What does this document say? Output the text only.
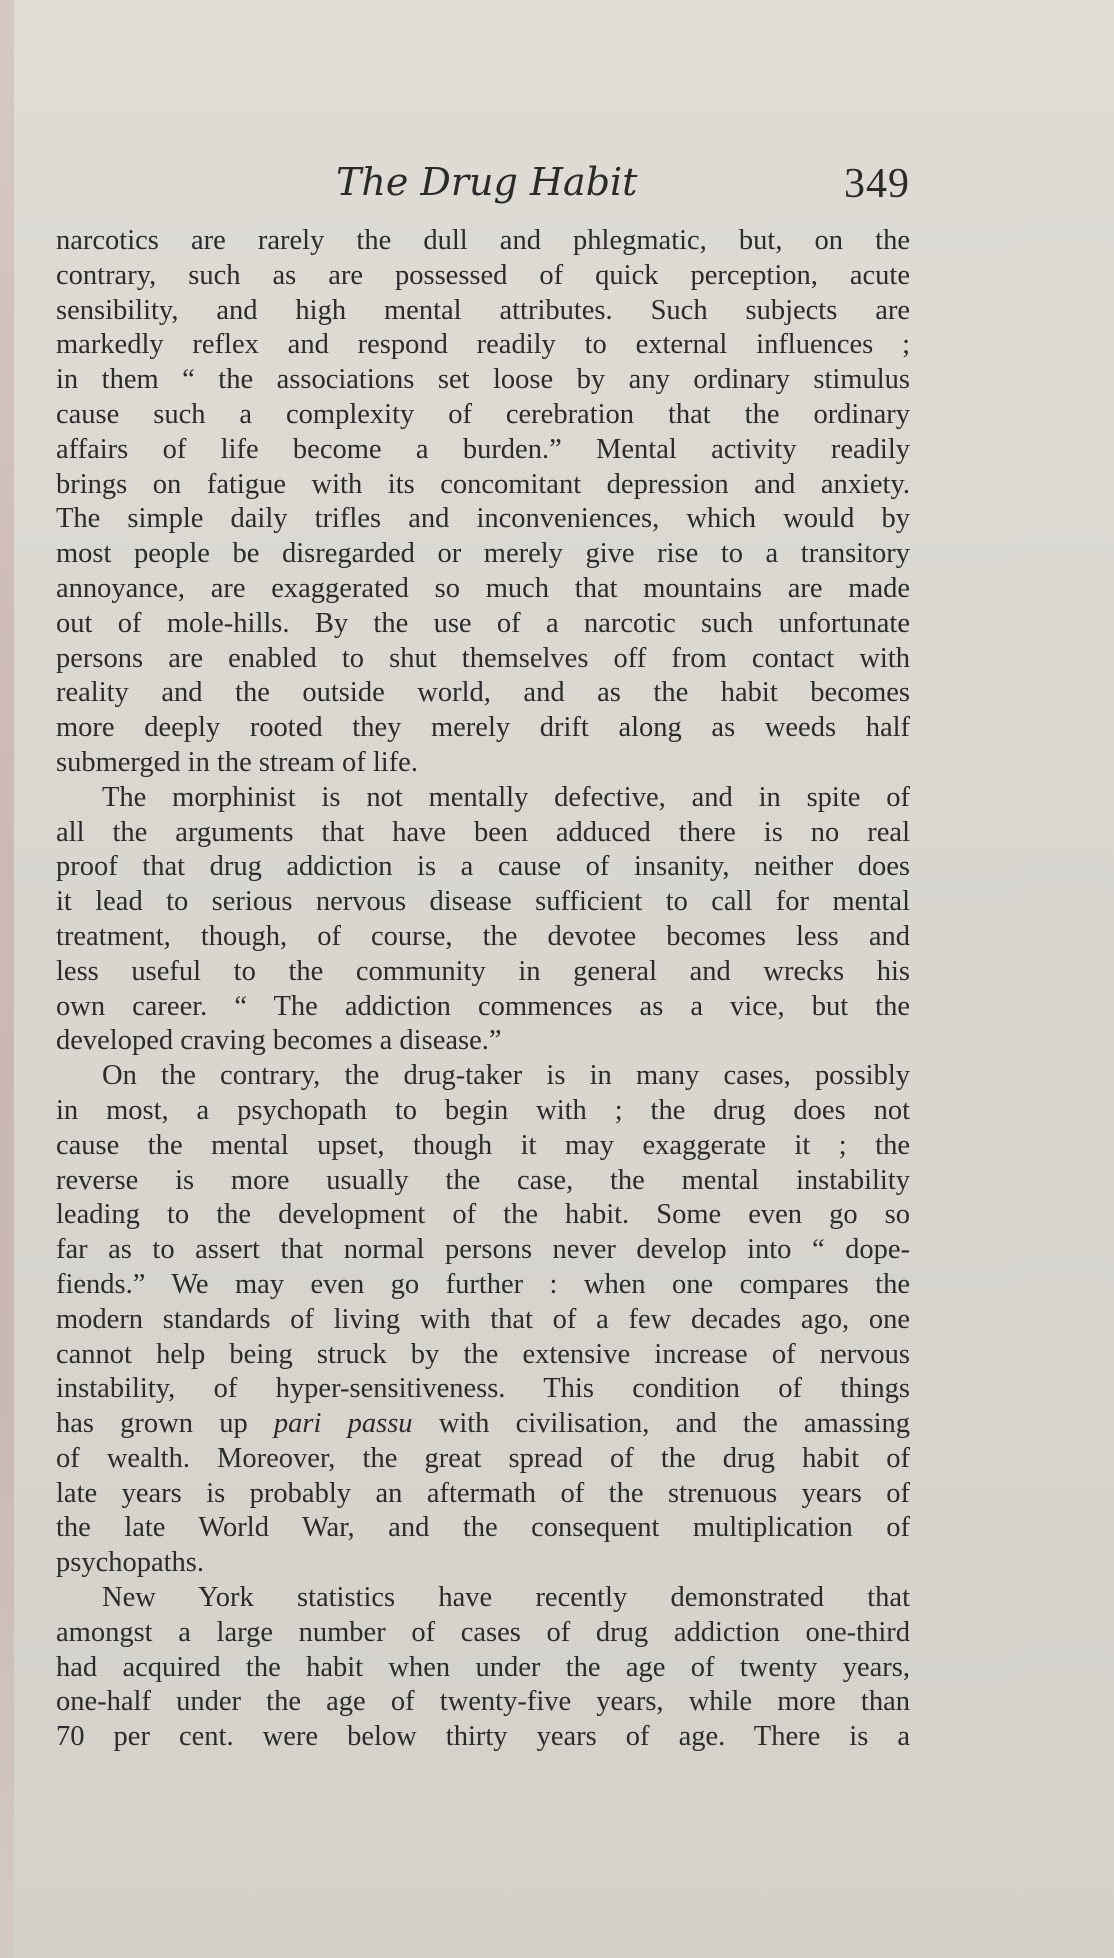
The Drug Habit	349

narcotics are rarely the dull and phlegmatic, but, on the
contrary, such as are possessed of quick perception, acute
sensibility, and high mental attributes. Such subjects are
markedly reflex and respond readily to external influences ;
in them “ the associations set loose by any ordinary stimulus
cause such a complexity of cerebration that the ordinary
affairs of life become a burden.” Mental activity readily
brings on fatigue with its concomitant depression and anxiety.
The simple daily trifles and inconveniences, which would by
most people be disregarded or merely give rise to a transitory
annoyance, are exaggerated so much that mountains are made
out of mole-hills. By the use of a narcotic such unfortunate
persons are enabled to shut themselves off from contact with
reality and the outside world, and as the habit becomes
more deeply rooted they merely drift along as weeds half
submerged in the stream of life.

The morphinist is not mentally defective, and in spite of
all the arguments that have been adduced there is no real
proof that drug addiction is a cause of insanity, neither does
it lead to serious nervous disease sufficient to call for mental
treatment, though, of course, the devotee becomes less and
less useful to the community in general and wrecks his
own career. “ The addiction commences as a vice, but the
developed craving becomes a disease.”

On the contrary, the drug-taker is in many cases, possibly
in most, a psychopath to begin with ; the drug does not
cause the mental upset, though it may exaggerate it ; the
reverse is more usually the case, the mental instability
leading to the development of the habit. Some even go so
far as to assert that normal persons never develop into “ dope-
fiends.” We may even go further : when one compares the
modern standards of living with that of a few decades ago, one
cannot help being struck by the extensive increase of nervous
instability, of hyper-sensitiveness. This condition of things
has grown up pari passu with civilisation, and the amassing
of wealth. Moreover, the great spread of the drug habit of
late years is probably an aftermath of the strenuous years of
the late World War, and the consequent multiplication of
psychopaths.

New York statistics have recently demonstrated that
amongst a large number of cases of drug addiction one-third
had acquired the habit when under the age of twenty years,
one-half under the age of twenty-five years, while more than
70 per cent. were below thirty years of age. There is a
